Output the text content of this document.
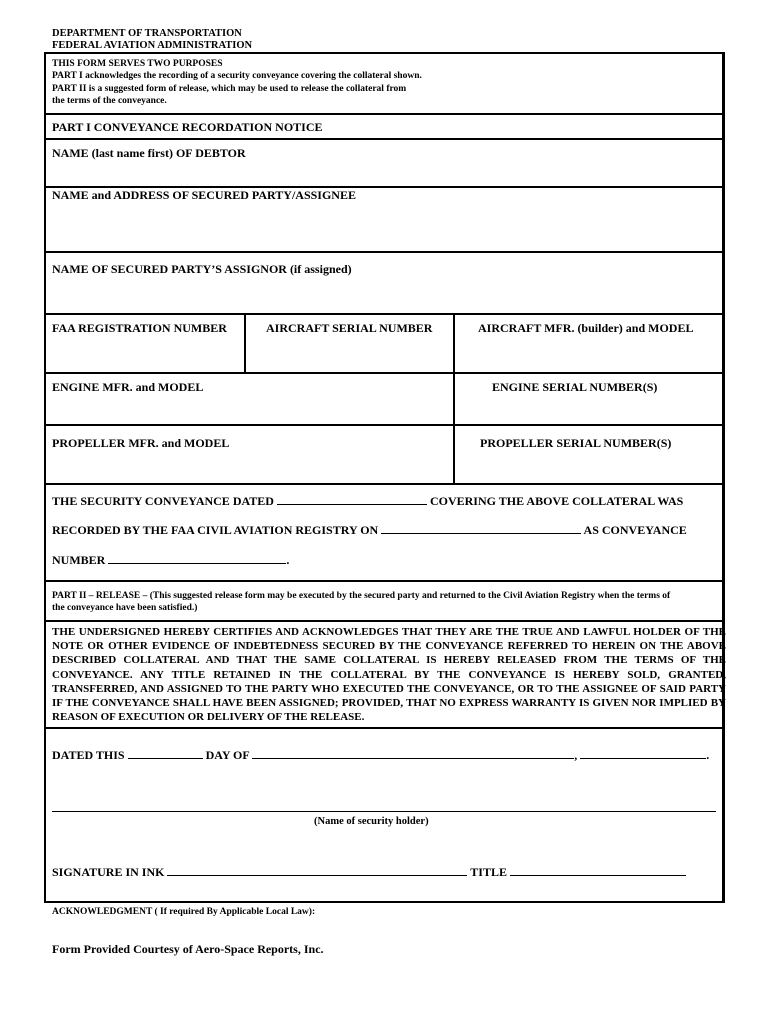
DEPARTMENT OF TRANSPORTATION
FEDERAL AVIATION ADMINISTRATION
THIS FORM SERVES TWO PURPOSES
PART I acknowledges the recording of a security conveyance covering the collateral shown.
PART II is a suggested form of release, which may be used to release the collateral from
the terms of the conveyance.
PART I CONVEYANCE RECORDATION NOTICE
NAME (last name first) OF DEBTOR
NAME and ADDRESS OF SECURED PARTY/ASSIGNEE
NAME OF SECURED PARTY’S ASSIGNOR (if assigned)
FAA REGISTRATION NUMBER	AIRCRAFT SERIAL NUMBER	AIRCRAFT MFR. (builder) and MODEL
ENGINE MFR. and MODEL	ENGINE SERIAL NUMBER(S)
PROPELLER MFR. and MODEL	PROPELLER SERIAL NUMBER(S)
THE SECURITY CONVEYANCE DATED	COVERING THE ABOVE COLLATERAL WAS
RECORDED BY THE FAA CIVIL AVIATION REGISTRY ON	AS CONVEYANCE
NUMBER	.
PART II – RELEASE – (This suggested release form may be executed by the secured party and returned to the Civil Aviation Registry when the terms of
the conveyance have been satisfied.)
THE UNDERSIGNED HEREBY CERTIFIES AND ACKNOWLEDGES THAT THEY ARE THE TRUE AND LAWFUL HOLDER OF THE NOTE OR OTHER EVIDENCE OF INDEBTEDNESS SECURED BY THE CONVEYANCE REFERRED TO HEREIN ON THE ABOVE DESCRIBED COLLATERAL AND THAT THE SAME COLLATERAL IS HEREBY RELEASED FROM THE TERMS OF THE CONVEYANCE. ANY TITLE RETAINED IN THE COLLATERAL BY THE CONVEYANCE IS HEREBY SOLD, GRANTED, TRANSFERRED, AND ASSIGNED TO THE PARTY WHO EXECUTED THE CONVEYANCE, OR TO THE ASSIGNEE OF SAID PARTY IF THE CONVEYANCE SHALL HAVE BEEN ASSIGNED; PROVIDED, THAT NO EXPRESS WARRANTY IS GIVEN NOR IMPLIED BY REASON OF EXECUTION OR DELIVERY OF THE RELEASE.
DATED THIS	DAY OF	,	.
(Name of security holder)
SIGNATURE IN INK	TITLE
ACKNOWLEDGMENT ( If required By Applicable Local Law):
Form Provided Courtesy of Aero-Space Reports, Inc.
